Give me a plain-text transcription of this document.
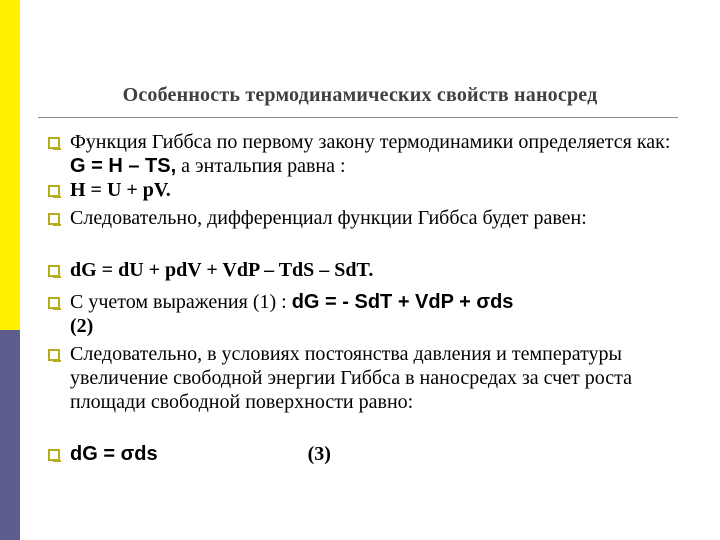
Особенность термодинамических свойств наносред
Функция Гиббса по первому закону термодинамики определяется как: G = H – TS, а энтальпия равна :
H = U + pV.
Следовательно, дифференциал функции Гиббса будет равен:
dG = dU + pdV + VdP – TdS – SdT.
С учетом выражения (1) : dG = - SdT + VdP + σds
(2)
Следовательно, в условиях постоянства давления и температуры увеличение свободной энергии Гиббса в наносредах за счет роста площади свободной поверхности равно:
dG = σds	(3)
